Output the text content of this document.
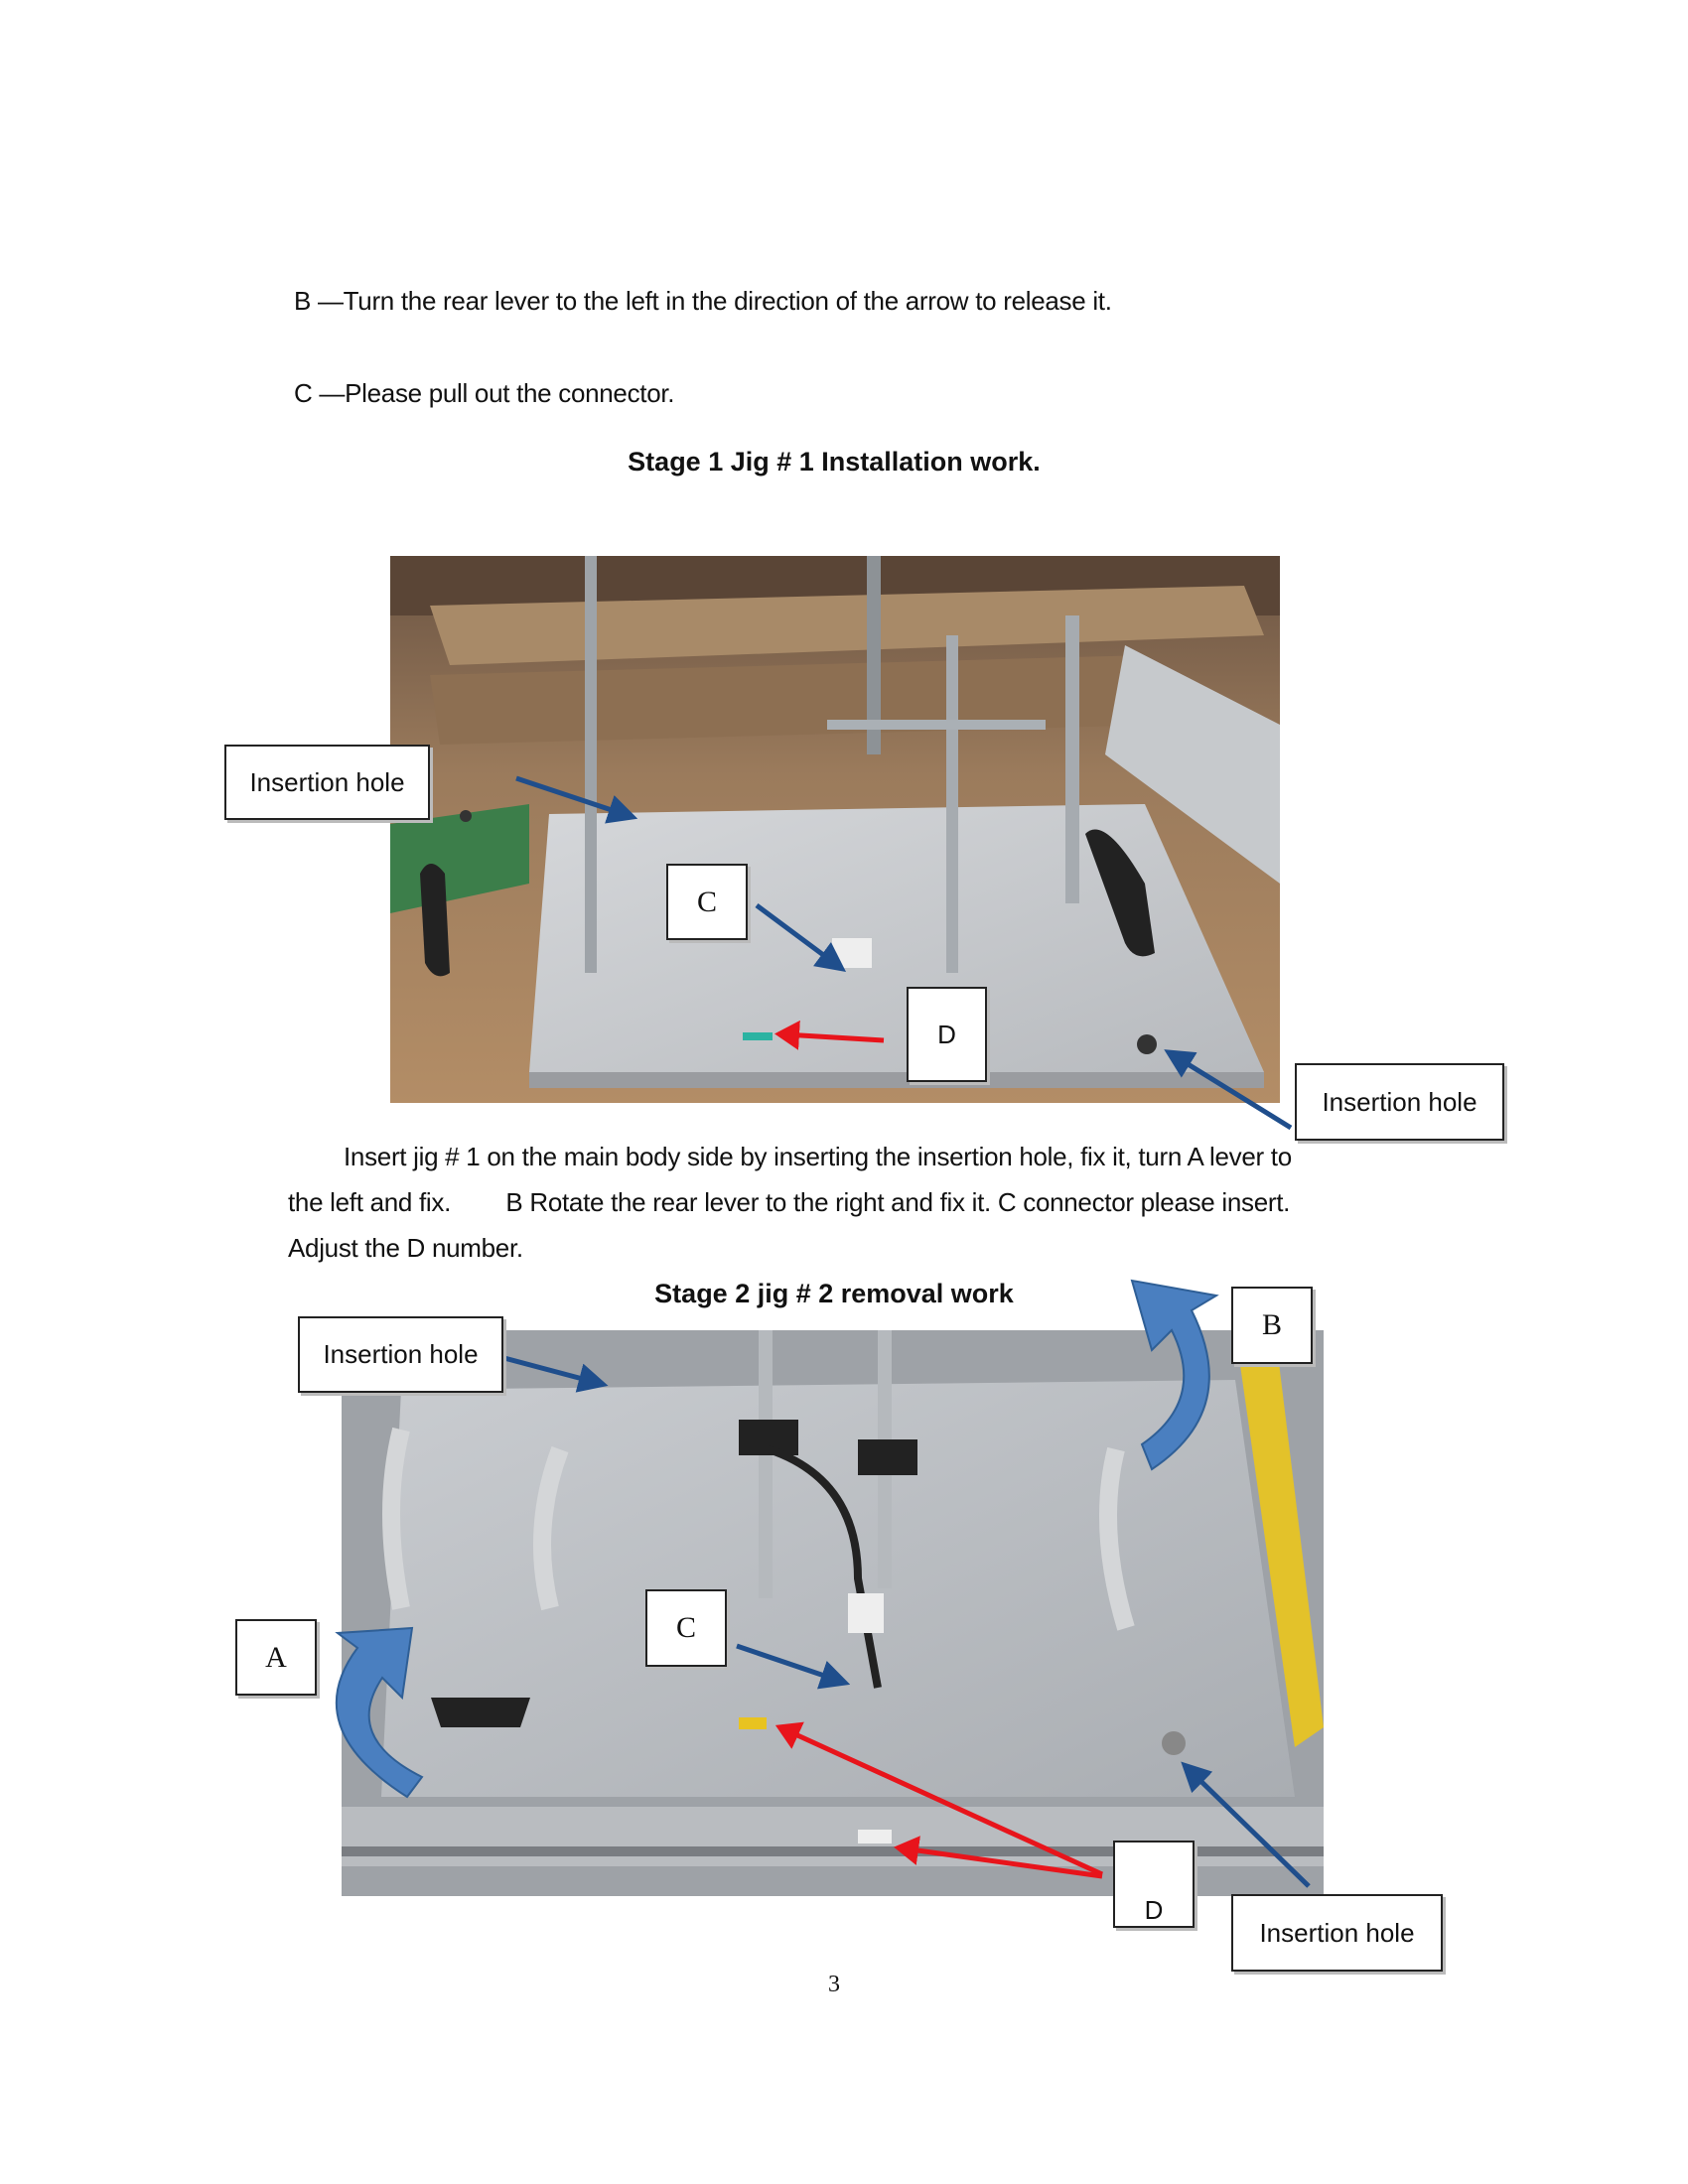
B —Turn the rear lever to the left in the direction of the arrow to release it.
C —Please pull out the connector.
Stage 1 Jig # 1 Installation work.
Insertion hole
C
D
Insertion hole
Insert jig # 1 on the main body side by inserting the insertion hole, fix it, turn A lever to
the left and fix.        B Rotate the rear lever to the right and fix it. C connector please insert.
Adjust the D number.
Stage 2 jig # 2 removal work
Insertion hole
B
A
C
D
Insertion hole
3
